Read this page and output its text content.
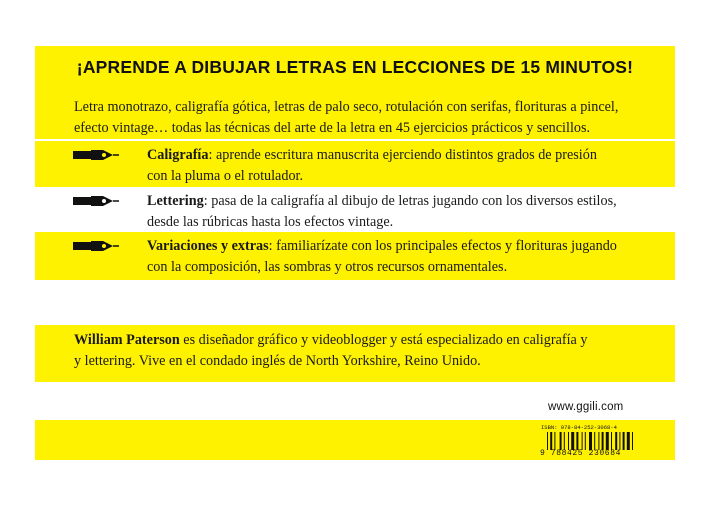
¡APRENDE A DIBUJAR LETRAS EN LECCIONES DE 15 MINUTOS!
Letra monotrazo, caligrafía gótica, letras de palo seco, rotulación con serifas, florituras a pincel,
efecto vintage… todas las técnicas del arte de la letra en 45 ejercicios prácticos y sencillos.
Caligrafía: aprende escritura manuscrita ejerciendo distintos grados de presión
con la pluma o el rotulador.
Lettering: pasa de la caligrafía al dibujo de letras jugando con los diversos estilos,
desde las rúbricas hasta los efectos vintage.
Variaciones y extras: familiarízate con los principales efectos y florituras jugando
con la composición, las sombras y otros recursos ornamentales.
William Paterson es diseñador gráfico y videoblogger y está especializado en caligrafía y
y lettering. Vive en el condado inglés de North Yorkshire, Reino Unido.
www.ggili.com
ISBN: 978-84-252-3068-4
9 788425 230684
